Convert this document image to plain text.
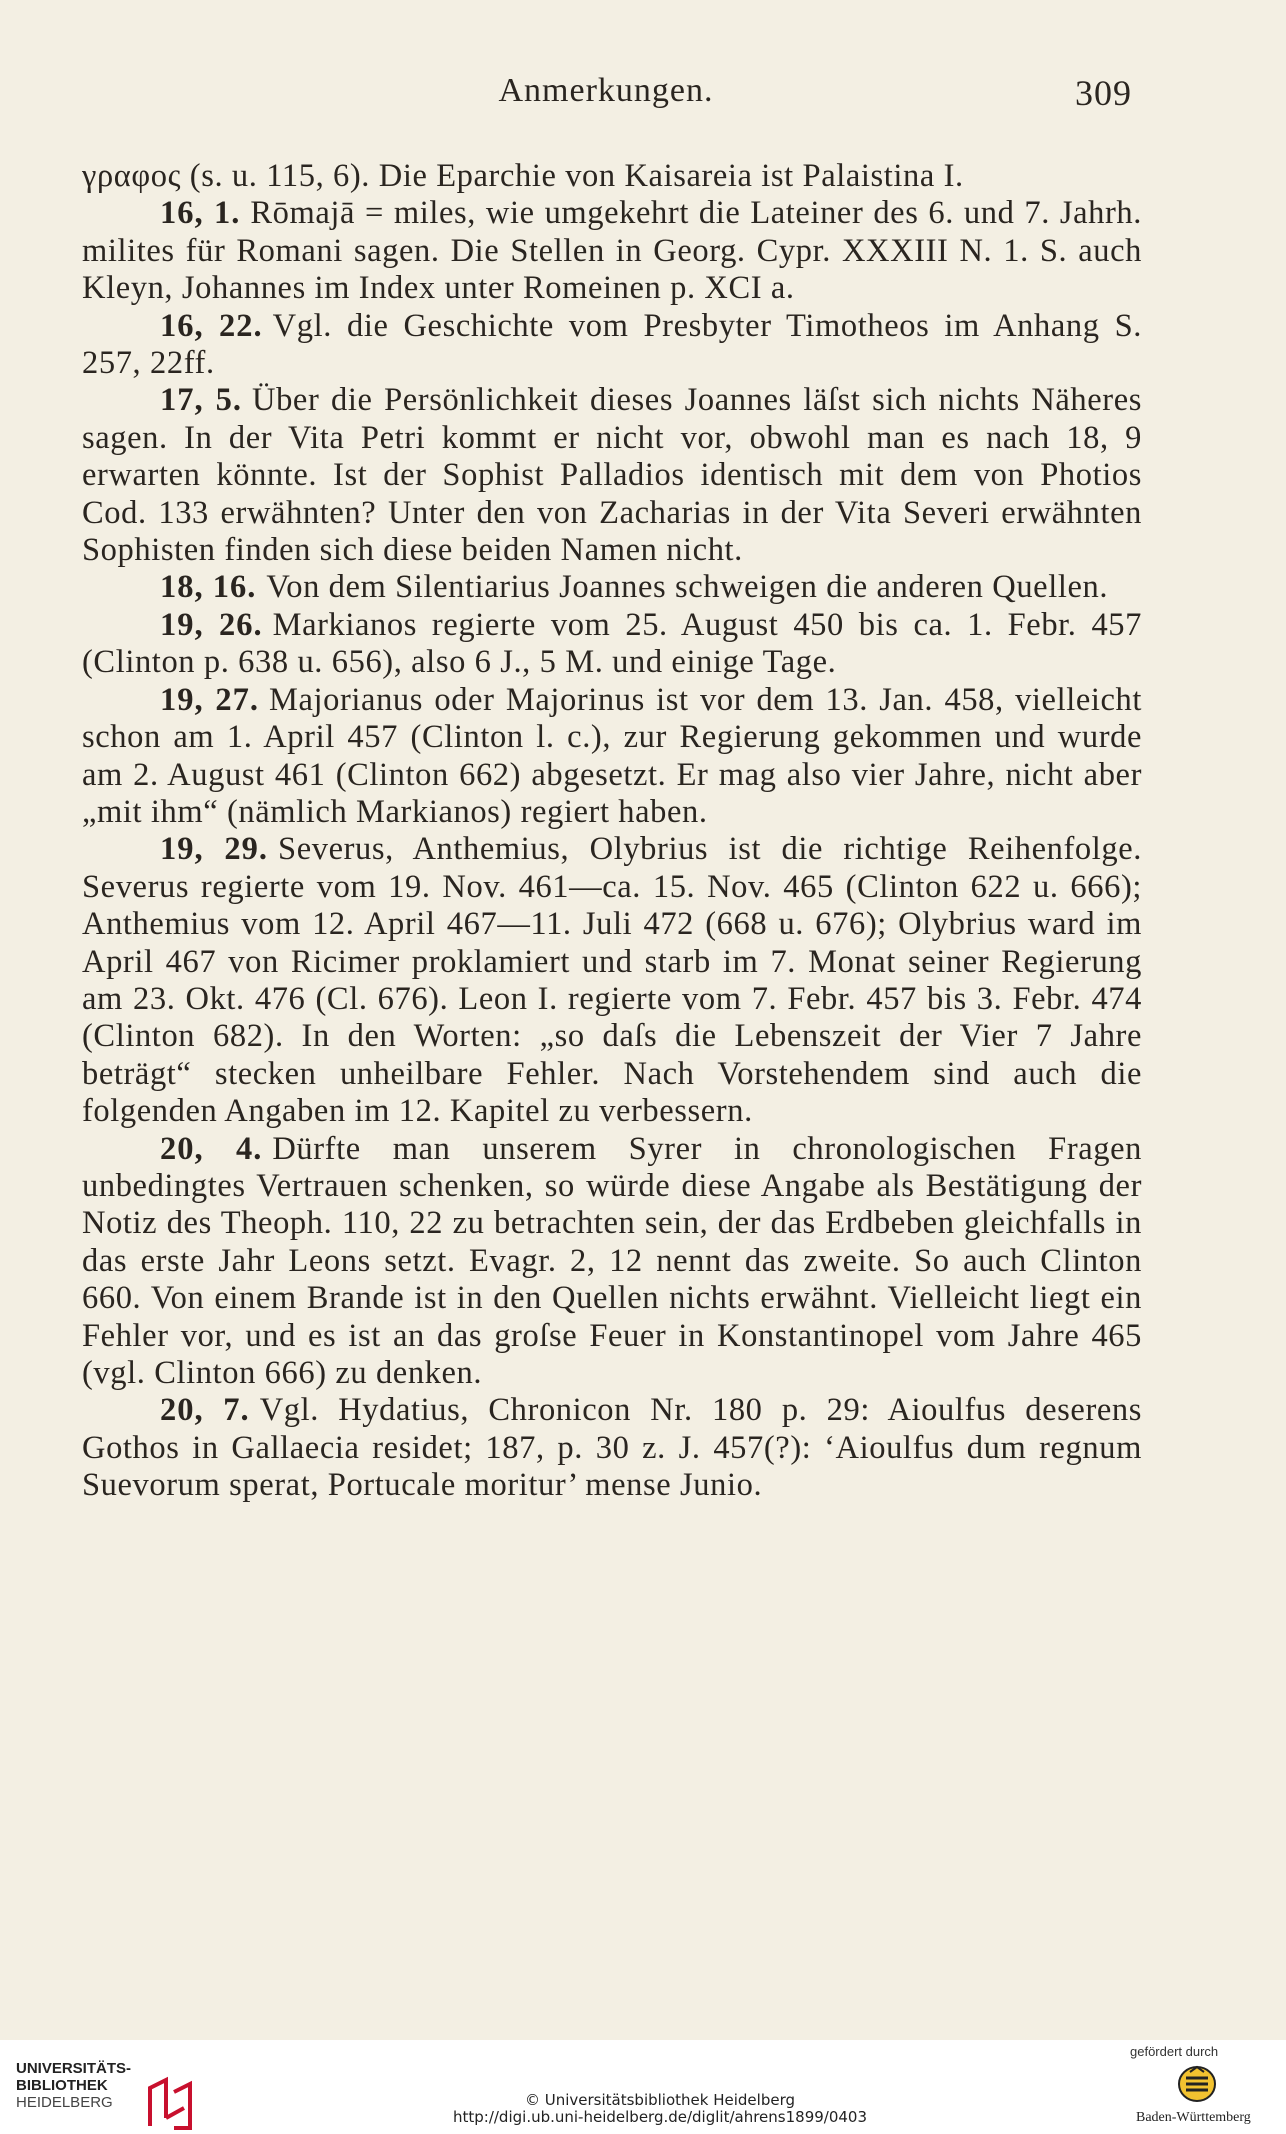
Anmerkungen.	309

γραφος (s. u. 115, 6). Die Eparchie von Kaisareia ist Palaistina I.

16, 1. Rōmajā = miles, wie umgekehrt die Lateiner des 6. und 7. Jahrh. milites für Romani sagen. Die Stellen in Georg. Cypr. XXXIII N. 1. S. auch Kleyn, Johannes im Index unter Romeinen p. XCI a.

16, 22. Vgl. die Geschichte vom Presbyter Timotheos im Anhang S. 257, 22ff.

17, 5. Über die Persönlichkeit dieses Joannes läſst sich nichts Näheres sagen. In der Vita Petri kommt er nicht vor, obwohl man es nach 18, 9 erwarten könnte. Ist der Sophist Palladios identisch mit dem von Photios Cod. 133 erwähnten? Unter den von Zacharias in der Vita Severi erwähnten Sophisten finden sich diese beiden Namen nicht.

18, 16. Von dem Silentiarius Joannes schweigen die anderen Quellen.

19, 26. Markianos regierte vom 25. August 450 bis ca. 1. Febr. 457 (Clinton p. 638 u. 656), also 6 J., 5 M. und einige Tage.

19, 27. Majorianus oder Majorinus ist vor dem 13. Jan. 458, vielleicht schon am 1. April 457 (Clinton l. c.), zur Regierung gekommen und wurde am 2. August 461 (Clinton 662) abgesetzt. Er mag also vier Jahre, nicht aber „mit ihm“ (nämlich Markianos) regiert haben.

19, 29. Severus, Anthemius, Olybrius ist die richtige Reihenfolge. Severus regierte vom 19. Nov. 461—ca. 15. Nov. 465 (Clinton 622 u. 666); Anthemius vom 12. April 467—11. Juli 472 (668 u. 676); Olybrius ward im April 467 von Ricimer proklamiert und starb im 7. Monat seiner Regierung am 23. Okt. 476 (Cl. 676). Leon I. regierte vom 7. Febr. 457 bis 3. Febr. 474 (Clinton 682). In den Worten: „so daſs die Lebenszeit der Vier 7 Jahre beträgt“ stecken unheilbare Fehler. Nach Vorstehendem sind auch die folgenden Angaben im 12. Kapitel zu verbessern.

20, 4. Dürfte man unserem Syrer in chronologischen Fragen unbedingtes Vertrauen schenken, so würde diese Angabe als Bestätigung der Notiz des Theoph. 110, 22 zu betrachten sein, der das Erdbeben gleichfalls in das erste Jahr Leons setzt. Evagr. 2, 12 nennt das zweite. So auch Clinton 660. Von einem Brande ist in den Quellen nichts erwähnt. Vielleicht liegt ein Fehler vor, und es ist an das groſse Feuer in Konstantinopel vom Jahre 465 (vgl. Clinton 666) zu denken.

20, 7. Vgl. Hydatius, Chronicon Nr. 180 p. 29: Aioulfus deserens Gothos in Gallaecia residet; 187, p. 30 z. J. 457(?): ‘Aioulfus dum regnum Suevorum sperat, Portucale moritur’ mense Junio.

UNIVERSITÄTS-
BIBLIOTHEK
HEIDELBERG	© Universitätsbibliothek Heidelberg
http://digi.ub.uni-heidelberg.de/diglit/ahrens1899/0403
gefördert durch
Baden-Württemberg
